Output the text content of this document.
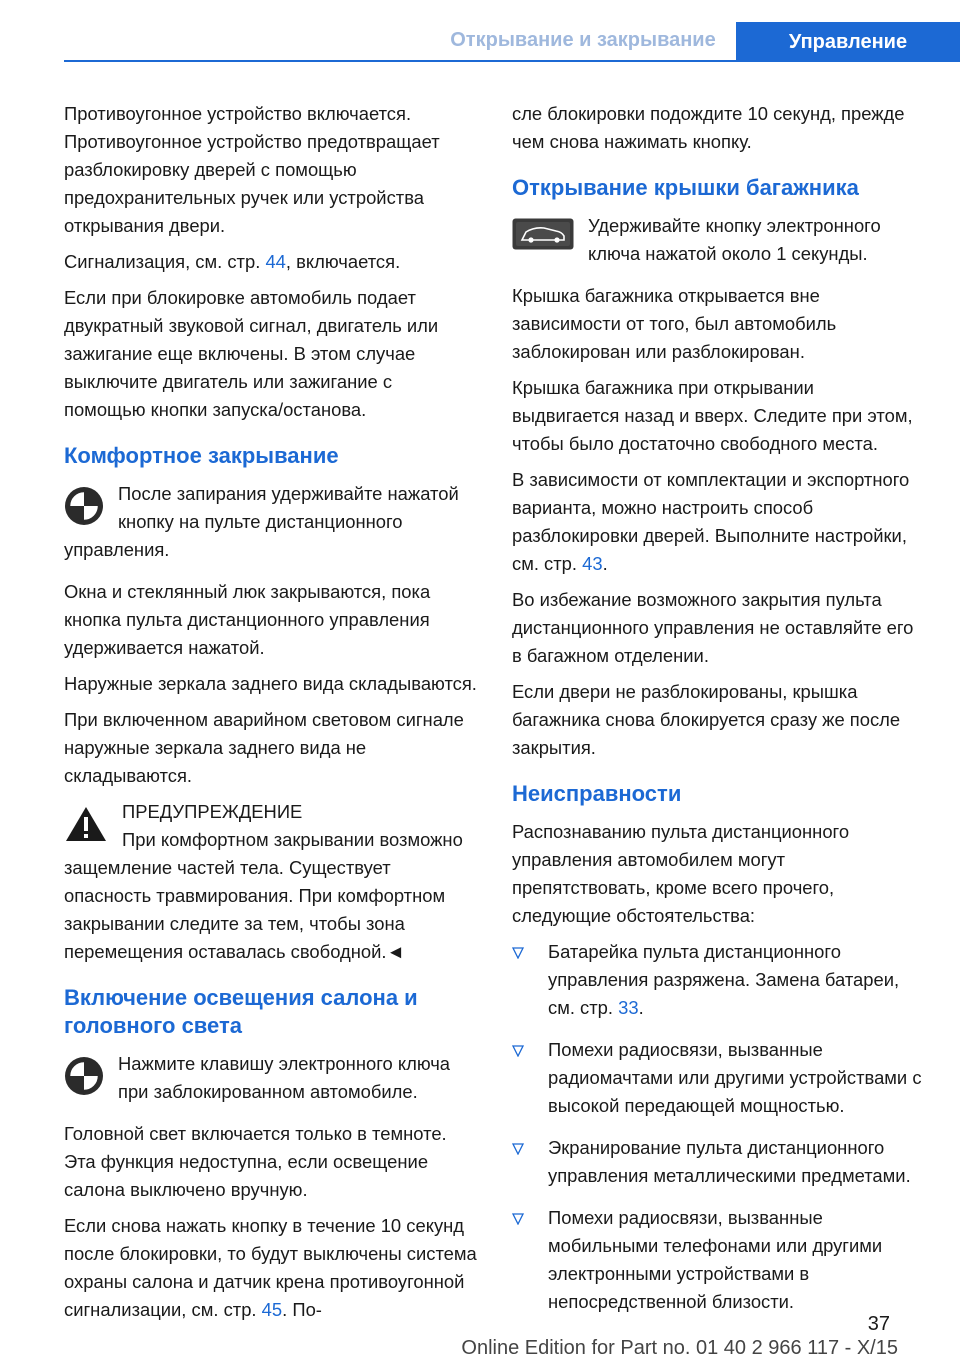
Открывание и закрывание	Управление

Противоугонное устройство включается. Противоугонное устройство предотвращает разблокировку дверей с помощью предохранительных ручек или устройства открывания двери.

Сигнализация, см. стр. 44, включается.

Если при блокировке автомобиль подает двукратный звуковой сигнал, двигатель или зажигание еще включены. В этом случае выключите двигатель или зажигание с помощью кнопки запуска/останова.

Комфортное закрывание
После запирания удерживайте нажатой кнопку на пульте дистанционного управления.

Окна и стеклянный люк закрываются, пока кнопка пульта дистанционного управления удерживается нажатой.

Наружные зеркала заднего вида складываются.

При включенном аварийном световом сигнале наружные зеркала заднего вида не складываются.

ПРЕДУПРЕЖДЕНИЕ
При комфортном закрывании возможно защемление частей тела. Существует опасность травмирования. При комфортном закрывании следите за тем, чтобы зона перемещения оставалась свободной.◄
Включение освещения салона и головного света
Нажмите клавишу электронного ключа при заблокированном автомобиле.

Головной свет включается только в темноте. Эта функция недоступна, если освещение салона выключено вручную.

Если снова нажать кнопку в течение 10 секунд после блокировки, то будут выключены система охраны салона и датчик крена противоугонной сигнализации, см. стр. 45. По-

сле блокировки подождите 10 секунд, прежде чем снова нажимать кнопку.

Открывание крышки багажника
Удерживайте кнопку электронного ключа нажатой около 1 секунды.

Крышка багажника открывается вне зависимости от того, был автомобиль заблокирован или разблокирован.

Крышка багажника при открывании выдвигается назад и вверх. Следите при этом, чтобы было достаточно свободного места.

В зависимости от комплектации и экспортного варианта, можно настроить способ разблокировки дверей. Выполните настройки, см. стр. 43.

Во избежание возможного закрытия пульта дистанционного управления не оставляйте его в багажном отделении.

Если двери не разблокированы, крышка багажника снова блокируется сразу же после закрытия.

Неисправности

Распознаванию пульта дистанционного управления автомобилем могут препятствовать, кроме всего прочего, следующие обстоятельства:

Батарейка пульта дистанционного управления разряжена. Замена батареи, см. стр. 33.
Помехи радиосвязи, вызванные радиомачтами или другими устройствами с высокой передающей мощностью.
Экранирование пульта дистанционного управления металлическими предметами.
Помехи радиосвязи, вызванные мобильными телефонами или другими электронными устройствами в непосредственной близости.
37
Online Edition for Part no. 01 40 2 966 117 - X/15
